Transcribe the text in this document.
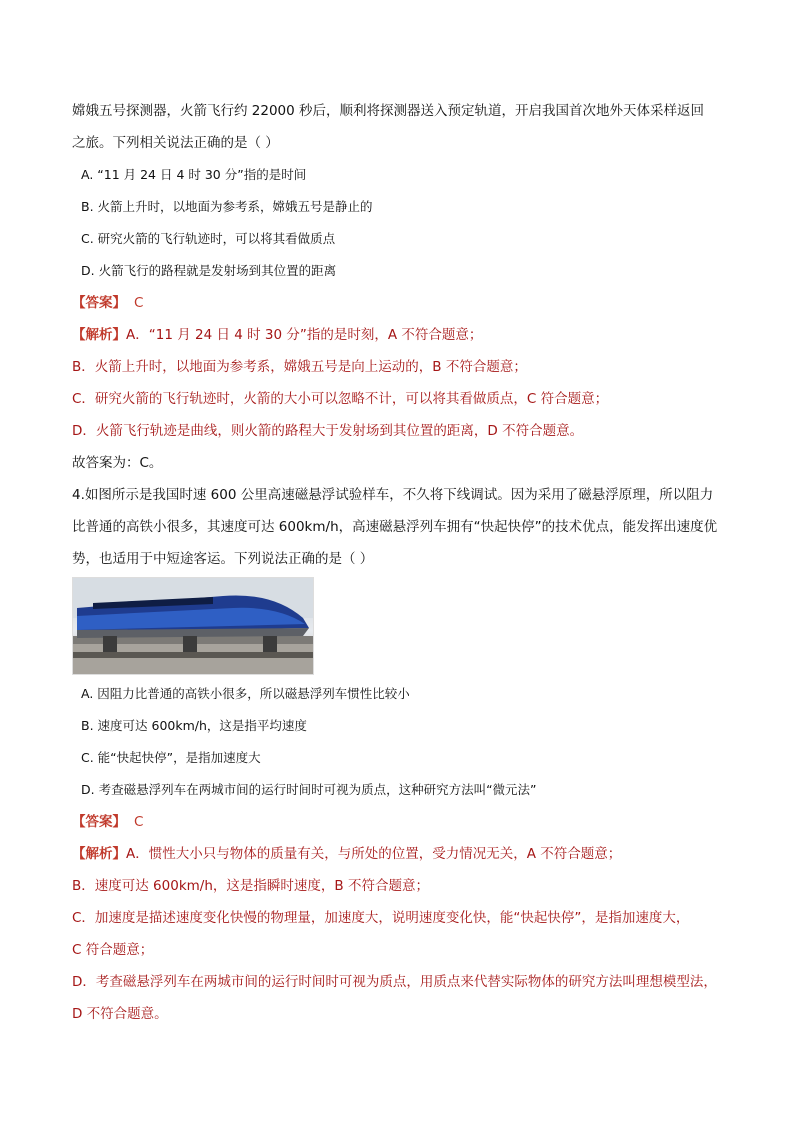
嫦娥五号探测器，火箭飞行约 22000 秒后，顺利将探测器送入预定轨道，开启我国首次地外天体采样返回

之旅。下列相关说法正确的是（ ）

A. “11 月 24 日 4 时 30 分”指的是时间

B. 火箭上升时，以地面为参考系，嫦娥五号是静止的

C. 研究火箭的飞行轨迹时，可以将其看做质点

D. 火箭飞行的路程就是发射场到其位置的距离

【答案】 C

【解析】A．“11 月 24 日 4 时 30 分”指的是时刻，A 不符合题意；

B．火箭上升时，以地面为参考系，嫦娥五号是向上运动的，B 不符合题意；

C．研究火箭的飞行轨迹时，火箭的大小可以忽略不计，可以将其看做质点，C 符合题意；

D．火箭飞行轨迹是曲线，则火箭的路程大于发射场到其位置的距离，D 不符合题意。

故答案为：C。

4.如图所示是我国时速 600 公里高速磁悬浮试验样车，不久将下线调试。因为采用了磁悬浮原理，所以阻力

比普通的高铁小很多，其速度可达 600km/h，高速磁悬浮列车拥有“快起快停”的技术优点，能发挥出速度优

势，也适用于中短途客运。下列说法正确的是（ ）

A. 因阻力比普通的高铁小很多，所以磁悬浮列车惯性比较小

B. 速度可达 600km/h，这是指平均速度

C. 能“快起快停”，是指加速度大

D. 考查磁悬浮列车在两城市间的运行时间时可视为质点，这种研究方法叫“微元法”

【答案】 C

【解析】A．惯性大小只与物体的质量有关，与所处的位置，受力情况无关，A 不符合题意；

B．速度可达 600km/h，这是指瞬时速度，B 不符合题意；

C．加速度是描述速度变化快慢的物理量，加速度大，说明速度变化快，能“快起快停”，是指加速度大，

C 符合题意；

D．考查磁悬浮列车在两城市间的运行时间时可视为质点，用质点来代替实际物体的研究方法叫理想模型法，

D 不符合题意。
